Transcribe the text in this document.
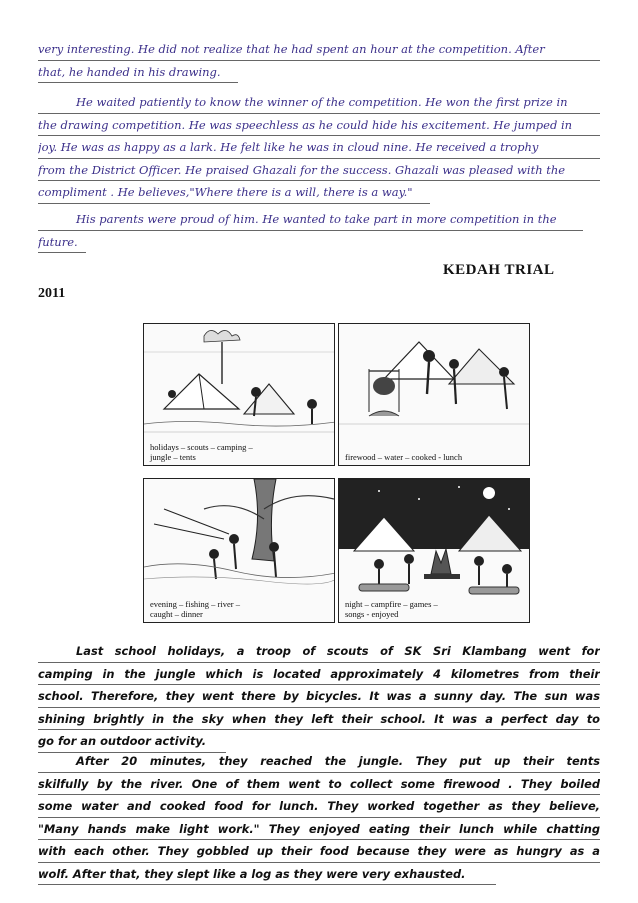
very interesting. He did not realize that he had spent an hour at the competition. After
that, he handed in his drawing.

He waited patiently to know the winner of the competition. He won the first prize in
the drawing competition. He was speechless as he could hide his excitement. He jumped in
joy. He was as happy as a lark. He felt like he was in cloud nine. He received a trophy
from the District Officer. He praised Ghazali for the success. Ghazali was pleased with the
compliment . He believes,"Where there is a will, there is a way."

His parents were proud of him. He wanted to take part in more competition in the
future.

KEDAH TRIAL
2011
holidays – scouts – camping –
jungle – tents	firewood – water – cooked - lunch
evening – fishing – river –
caught – dinner
night – campfire – games –
songs - enjoyed
Last school holidays, a troop of scouts of SK Sri Klambang went for
camping in the jungle which is located approximately 4 kilometres from their
school. Therefore, they went there by bicycles. It was a sunny day. The sun was
shining brightly in the sky when they left their school. It was a perfect day to
go for an outdoor activity.
After 20 minutes, they reached the jungle. They put up their tents
skilfully by the river. One of them went to collect some firewood . They boiled
some water and cooked food for lunch. They worked together as they believe,
"Many hands make light work." They enjoyed eating their lunch while chatting
with each other. They gobbled up their food because they were as hungry as a
wolf. After that, they slept like a log as they were very exhausted.
